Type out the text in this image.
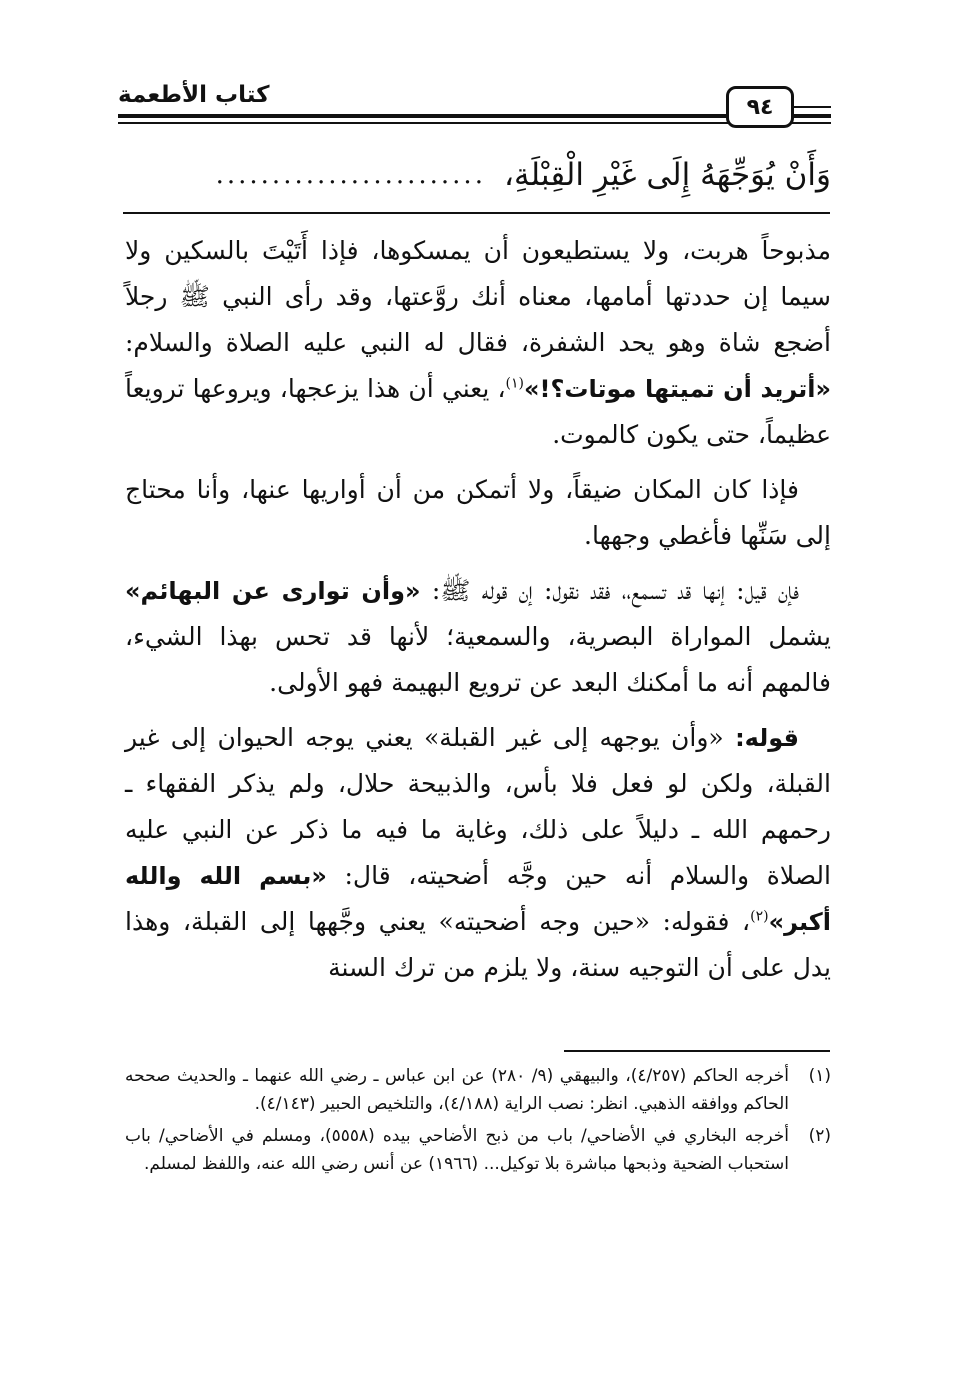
كتاب الأطعمة	٩٤
وَأَنْ يُوَجِّهَهُ إِلَى غَيْرِ الْقِبْلَةِ،
........................

مذبوحاً هربت، ولا يستطيعون أن يمسكوها، فإذا أَتَيْتَ بالسكين ولا سيما إن حددتها أمامها، معناه أنك روَّعتها، وقد رأى النبي ﷺ رجلاً أضجع شاة وهو يحد الشفرة، فقال له النبي عليه الصلاة والسلام: «أتريد أن تميتها موتات؟!»$^{(١)}$، يعني أن هذا يزعجها، ويروعها ترويعاً عظيماً، حتى يكون كالموت.

فإذا كان المكان ضيقاً، ولا أتمكن من أن أواريها عنها، وأنا محتاج إلى سَنِّها فأغطي وجهها.

فإن قيل: إنها قد تسمع،، فقد نقول: إن قوله ﷺ: «وأن توارى عن البهائم» يشمل المواراة البصرية، والسمعية؛ لأنها قد تحس بهذا الشيء، فالمهم أنه ما أمكنك البعد عن ترويع البهيمة فهو الأولى.

قوله: «وأن يوجهه إلى غير القبلة» يعني يوجه الحيوان إلى غير القبلة، ولكن لو فعل فلا بأس، والذبيحة حلال، ولم يذكر الفقهاء ـ رحمهم الله ـ دليلاً على ذلك، وغاية ما فيه ما ذكر عن النبي عليه الصلاة والسلام أنه حين وجَّه أضحيته، قال: «بسم الله والله أكبر»$^{(٢)}$، فقوله: «حين وجه أضحيته» يعني وجَّهها إلى القبلة، وهذا يدل على أن التوجيه سنة، ولا يلزم من ترك السنة

(١)
أخرجه الحاكم (٤/٢٥٧)، والبيهقي (٩/ ٢٨٠) عن ابن عباس ـ رضي الله عنهما ـ والحديث صححه الحاكم ووافقه الذهبي. انظر: نصب الراية (٤/١٨٨)، والتلخيص الحبير (٤/١٤٣).
(٢)
أخرجه البخاري في الأضاحي/ باب من ذبح الأضاحي بيده (٥٥٥٨)، ومسلم في الأضاحي/ باب استحباب الضحية وذبحها مباشرة بلا توكيل... (١٩٦٦) عن أنس رضي الله عنه، واللفظ لمسلم.
